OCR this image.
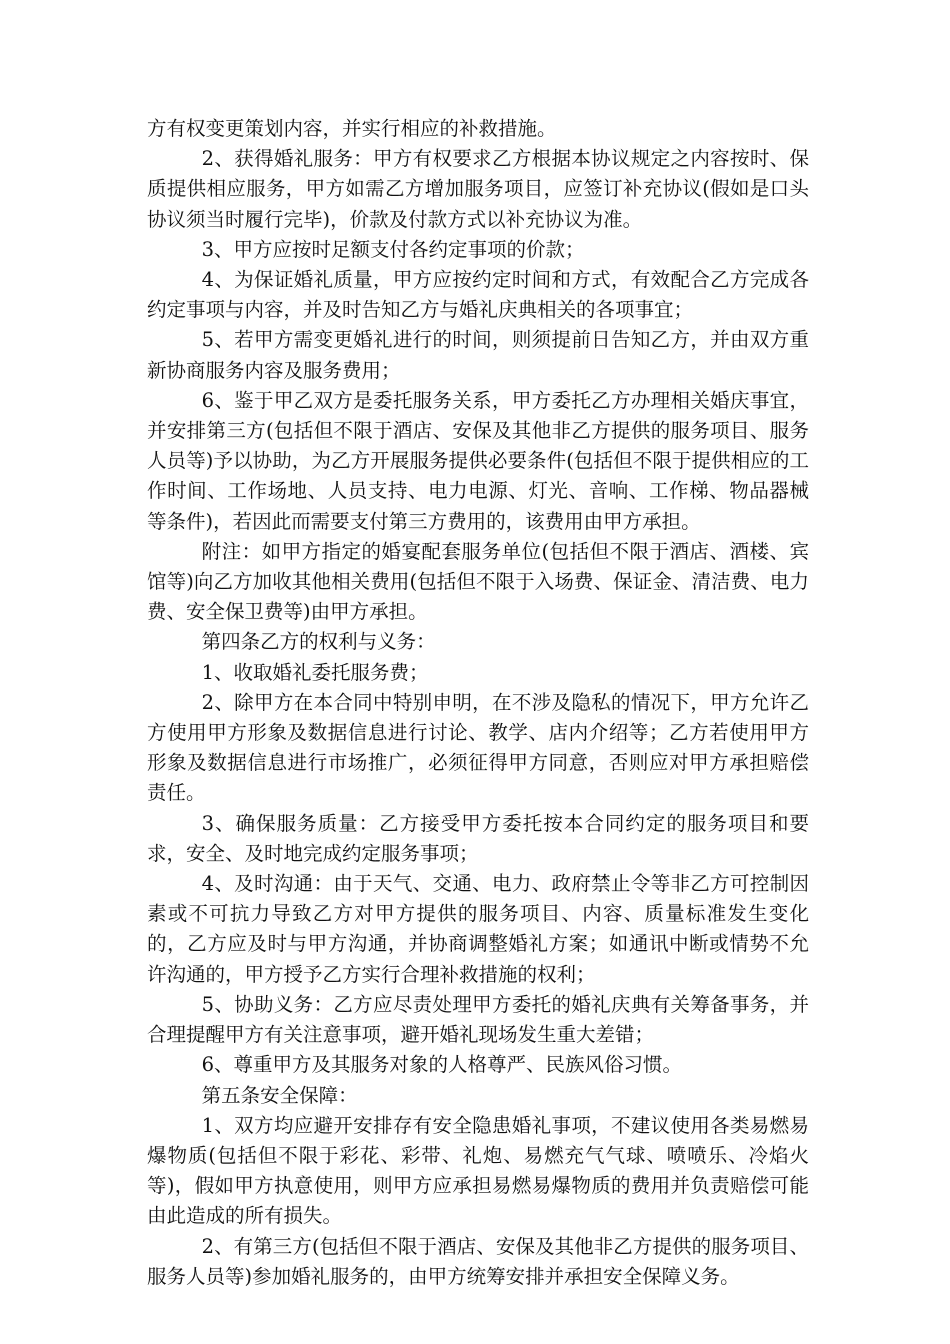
方有权变更策划内容，并实行相应的补救措施。

2、获得婚礼服务：甲方有权要求乙方根据本协议规定之内容按时、保质提供相应服务，甲方如需乙方增加服务项目，应签订补充协议(假如是口头协议须当时履行完毕)，价款及付款方式以补充协议为准。

3、甲方应按时足额支付各约定事项的价款；

4、为保证婚礼质量，甲方应按约定时间和方式，有效配合乙方完成各约定事项与内容，并及时告知乙方与婚礼庆典相关的各项事宜；

5、若甲方需变更婚礼进行的时间，则须提前日告知乙方，并由双方重新协商服务内容及服务费用；

6、鉴于甲乙双方是委托服务关系，甲方委托乙方办理相关婚庆事宜，并安排第三方(包括但不限于酒店、安保及其他非乙方提供的服务项目、服务人员等)予以协助，为乙方开展服务提供必要条件(包括但不限于提供相应的工作时间、工作场地、人员支持、电力电源、灯光、音响、工作梯、物品器械等条件)，若因此而需要支付第三方费用的，该费用由甲方承担。

附注：如甲方指定的婚宴配套服务单位(包括但不限于酒店、酒楼、宾馆等)向乙方加收其他相关费用(包括但不限于入场费、保证金、清洁费、电力费、安全保卫费等)由甲方承担。

第四条乙方的权利与义务：

1、收取婚礼委托服务费；

2、除甲方在本合同中特别申明，在不涉及隐私的情况下，甲方允许乙方使用甲方形象及数据信息进行讨论、教学、店内介绍等；乙方若使用甲方形象及数据信息进行市场推广，必须征得甲方同意，否则应对甲方承担赔偿责任。

3、确保服务质量：乙方接受甲方委托按本合同约定的服务项目和要求，安全、及时地完成约定服务事项；

4、及时沟通：由于天气、交通、电力、政府禁止令等非乙方可控制因素或不可抗力导致乙方对甲方提供的服务项目、内容、质量标准发生变化的，乙方应及时与甲方沟通，并协商调整婚礼方案；如通讯中断或情势不允许沟通的，甲方授予乙方实行合理补救措施的权利；

5、协助义务：乙方应尽责处理甲方委托的婚礼庆典有关筹备事务，并合理提醒甲方有关注意事项，避开婚礼现场发生重大差错；

6、尊重甲方及其服务对象的人格尊严、民族风俗习惯。

第五条安全保障：

1、双方均应避开安排存有安全隐患婚礼事项，不建议使用各类易燃易爆物质(包括但不限于彩花、彩带、礼炮、易燃充气气球、喷喷乐、冷焰火等)，假如甲方执意使用，则甲方应承担易燃易爆物质的费用并负责赔偿可能由此造成的所有损失。

2、有第三方(包括但不限于酒店、安保及其他非乙方提供的服务项目、服务人员等)参加婚礼服务的，由甲方统筹安排并承担安全保障义务。
